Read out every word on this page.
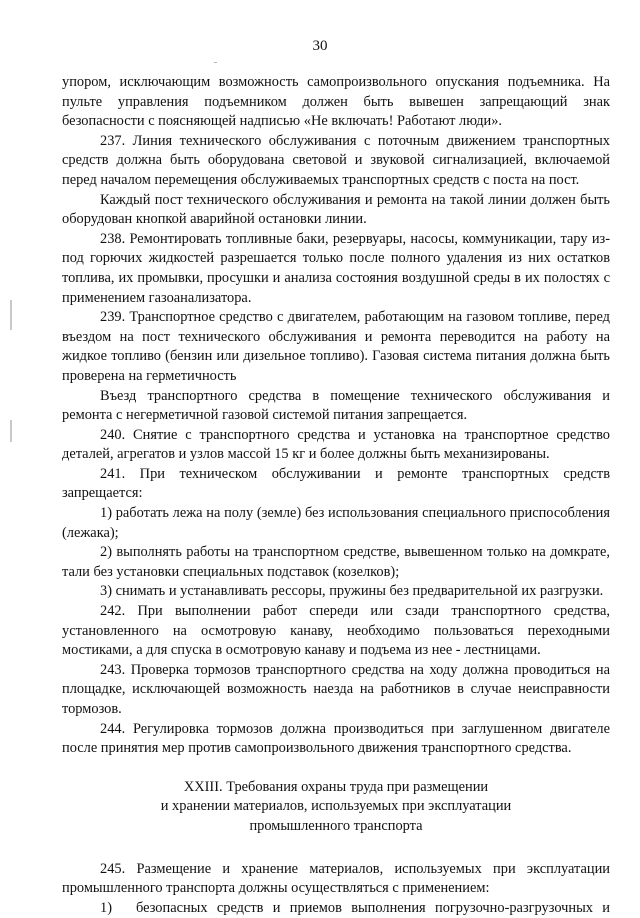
30

упором, исключающим возможность самопроизвольного опускания подъемника. На пульте управления подъемником должен быть вывешен запрещающий знак безопасности с поясняющей надписью «Не включать! Работают люди».

237. Линия технического обслуживания с поточным движением транспортных средств должна быть оборудована световой и звуковой сигнализацией, включаемой перед началом перемещения обслуживаемых транспортных средств с поста на пост.

Каждый пост технического обслуживания и ремонта на такой линии должен быть оборудован кнопкой аварийной остановки линии.

238. Ремонтировать топливные баки, резервуары, насосы, коммуникации, тару из-под горючих жидкостей разрешается только после полного удаления из них остатков топлива, их промывки, просушки и анализа состояния воздушной среды в их полостях с применением газоанализатора.

239. Транспортное средство с двигателем, работающим на газовом топливе, перед въездом на пост технического обслуживания и ремонта переводится на работу на жидкое топливо (бензин или дизельное топливо). Газовая система питания должна быть проверена на герметичность

Въезд транспортного средства в помещение технического обслуживания и ремонта с негерметичной газовой системой питания запрещается.

240. Снятие с транспортного средства и установка на транспортное средство деталей, агрегатов и узлов массой 15 кг и более должны быть механизированы.

241. При техническом обслуживании и ремонте транспортных средств запрещается:

1) работать лежа на полу (земле) без использования специального приспособления (лежака);

2) выполнять работы на транспортном средстве, вывешенном только на домкрате, тали без установки специальных подставок (козелков);

3) снимать и устанавливать рессоры, пружины без предварительной их разгрузки.

242. При выполнении работ спереди или сзади транспортного средства, установленного на осмотровую канаву, необходимо пользоваться переходными мостиками, а для спуска в осмотровую канаву и подъема из нее - лестницами.

243. Проверка тормозов транспортного средства на ходу должна проводиться на площадке, исключающей возможность наезда на работников в случае неисправности тормозов.

244. Регулировка тормозов должна производиться при заглушенном двигателе после принятия мер против самопроизвольного движения транспортного средства.

XXIII. Требования охраны труда при размещении
и хранении материалов, используемых при эксплуатации
промышленного транспорта

245. Размещение и хранение материалов, используемых при эксплуатации промышленного транспорта должны осуществляться с применением:

1)	безопасных средств и приемов выполнения погрузочно-разгрузочных и
